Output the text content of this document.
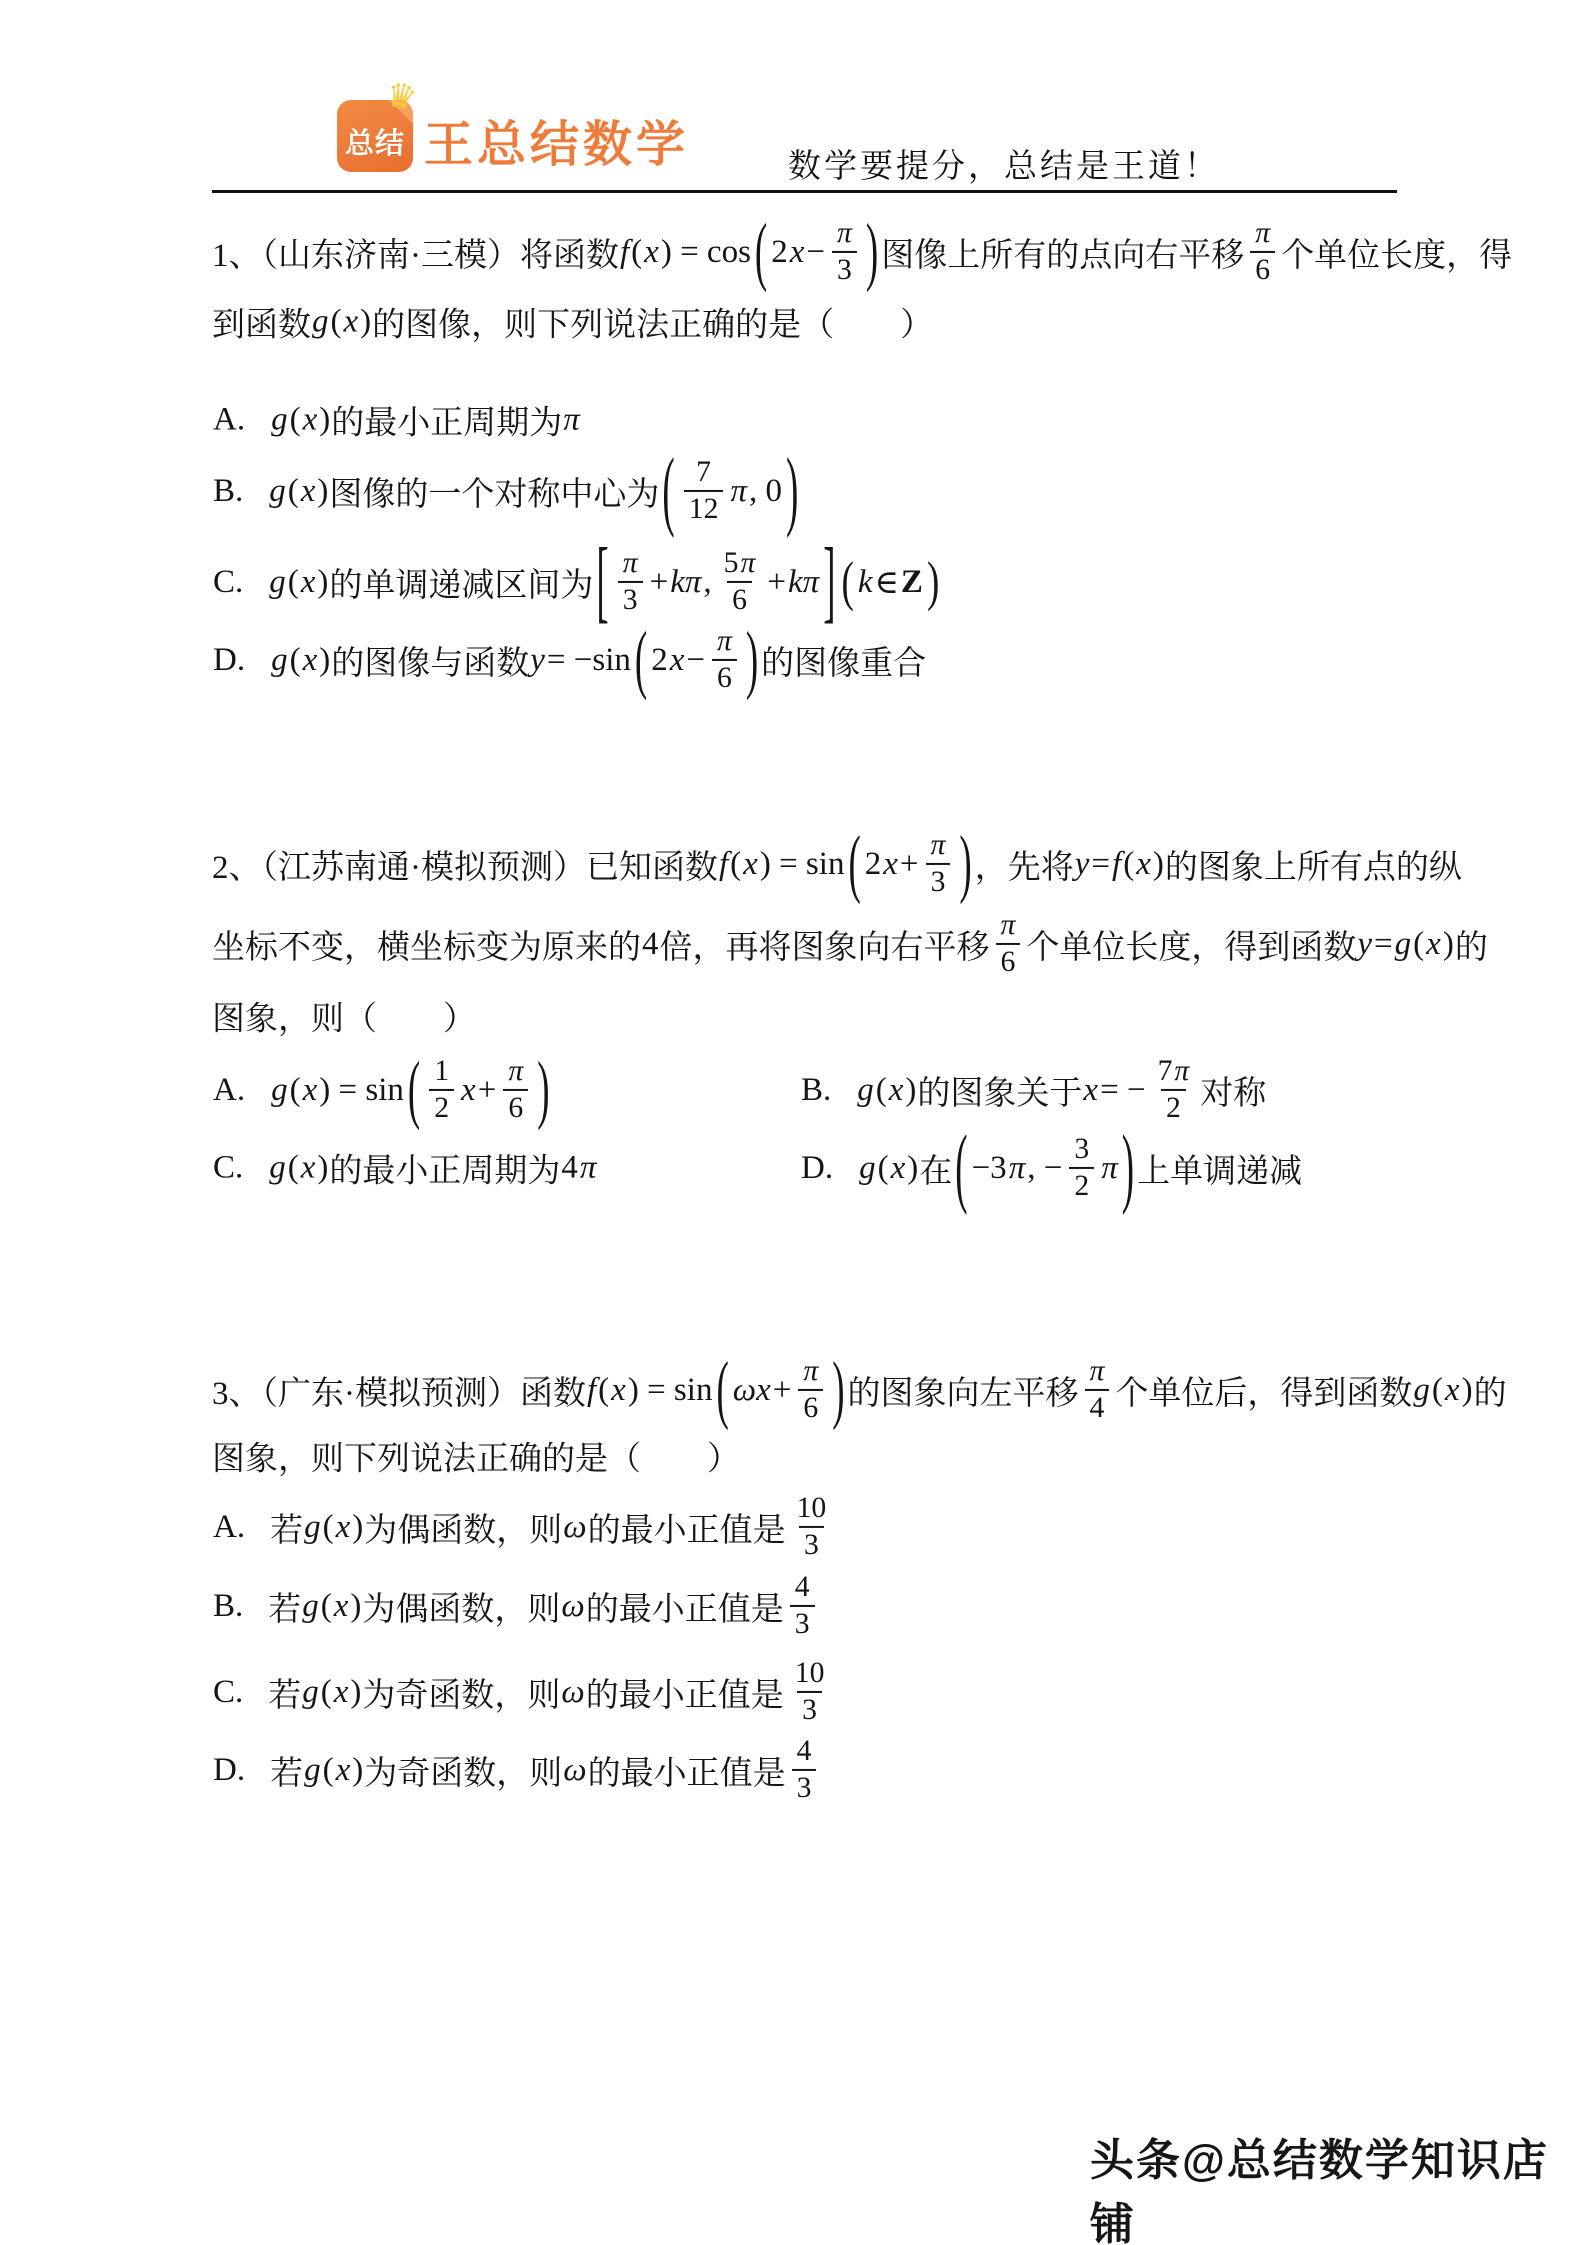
总结
♛
王总结数学	数学要提分，总结是王道！
1、（山东济南·三模）将函数 f ( x ) = cos ( 2 $x - \frac{\pi}{3}$ ) 图像上所有的点向右平移 $\frac{\pi}{6}$ 个单位长度，得
到函数 g ( x ) 的图像，则下列说法正确的是（　　）
A. g ( x ) 的最小正周期为 π
B. g ( x ) 图像的一个对称中心为 ( $\frac{7}{12}$ π , 0 )
C. g ( x ) 的单调递减区间为 [ $\frac{\pi}{3} + k\pi$ , $\frac{5\pi}{6} + k\pi$ ] ( k ∈ Z )
D. g ( x ) 的图像与函数 y = −sin ( 2 $x - \frac{\pi}{6}$ ) 的图像重合
2、（江苏南通·模拟预测）已知函数 f ( x ) = sin ( 2 $x + \frac{\pi}{3}$ ) ，先将 y = f ( x ) 的图象上所有点的纵
坐标不变，横坐标变为原来的 4 倍，再将图象向右平移 $\frac{\pi}{6}$ 个单位长度，得到函数 y = g ( x ) 的
图象，则（　　）
A. g ( x ) = sin ( $\frac{1}{2}$ $x + \frac{\pi}{6}$ )	B. g ( x ) 的图象关于 x = − $\frac{7\pi}{2}$ 对称
C. g ( x ) 的最小正周期为 4 π	D. g ( x ) 在 ( −3 π , − $\frac{3}{2}$ π ) 上单调递减
3、（广东·模拟预测）函数 f ( x ) = sin ( $\omega x + \frac{\pi}{6}$ ) 的图象向左平移 $\frac{\pi}{4}$ 个单位后，得到函数 g ( x ) 的
图象，则下列说法正确的是（　　）
A. 若 g ( x ) 为偶函数，则 ω 的最小正值是 $\frac{10}{3}$
B. 若 g ( x ) 为偶函数，则 ω 的最小正值是 $\frac{4}{3}$
C. 若 g ( x ) 为奇函数，则 ω 的最小正值是 $\frac{10}{3}$
D. 若 g ( x ) 为奇函数，则 ω 的最小正值是 $\frac{4}{3}$
头条@总结数学知识店铺
